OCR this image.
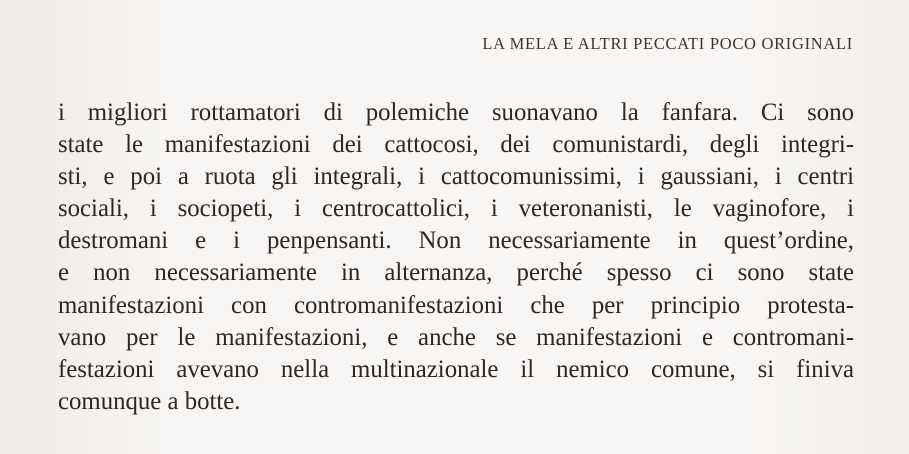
LA MELA E ALTRI PECCATI POCO ORIGINALI
i migliori rottamatori di polemiche suonavano la fanfara. Ci sono
state le manifestazioni dei cattocosi, dei comunistardi, degli integri-
sti, e poi a ruota gli integrali, i cattocomunissimi, i gaussiani, i centri
sociali, i sociopeti, i centrocattolici, i veteronanisti, le vaginofore, i
destromani e i penpensanti. Non necessariamente in quest’ordine,
e non necessariamente in alternanza, perché spesso ci sono state
manifestazioni con contromanifestazioni che per principio protesta-
vano per le manifestazioni, e anche se manifestazioni e contromani-
festazioni avevano nella multinazionale il nemico comune, si finiva
comunque a botte.
